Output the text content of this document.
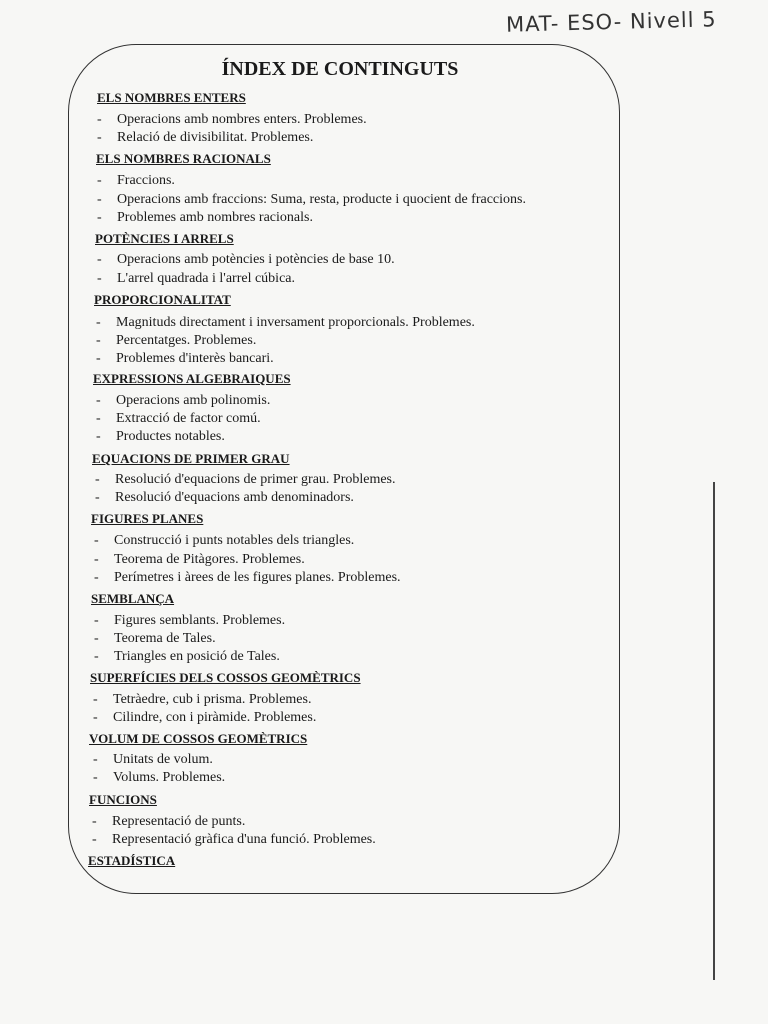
MAT- ESO- Nivell 5
ÍNDEX DE CONTINGUTS
ELS NOMBRES ENTERS
- Operacions amb nombres enters. Problemes.
- Relació de divisibilitat. Problemes.
ELS NOMBRES RACIONALS
- Fraccions.
- Operacions amb fraccions: Suma, resta, producte i quocient de fraccions.
- Problemes amb nombres racionals.
POTÈNCIES I ARRELS
- Operacions amb potències i potències de base 10.
- L'arrel quadrada i l'arrel cúbica.
PROPORCIONALITAT
- Magnituds directament i inversament proporcionals. Problemes.
- Percentatges. Problemes.
- Problemes d'interès bancari.
EXPRESSIONS ALGEBRAIQUES
- Operacions amb polinomis.
- Extracció de factor comú.
- Productes notables.
EQUACIONS DE PRIMER GRAU
- Resolució d'equacions de primer grau. Problemes.
- Resolució d'equacions amb denominadors.
FIGURES PLANES
- Construcció i punts notables dels triangles.
- Teorema de Pitàgores. Problemes.
- Perímetres i àrees de les figures planes. Problemes.
SEMBLANÇA
- Figures semblants. Problemes.
- Teorema de Tales.
- Triangles en posició de Tales.
SUPERFÍCIES DELS COSSOS GEOMÈTRICS
- Tetràedre, cub i prisma. Problemes.
- Cilindre, con i piràmide. Problemes.
VOLUM DE COSSOS GEOMÈTRICS
- Unitats de volum.
- Volums. Problemes.
FUNCIONS
- Representació de punts.
- Representació gràfica d'una funció. Problemes.
ESTADÍSTICA
